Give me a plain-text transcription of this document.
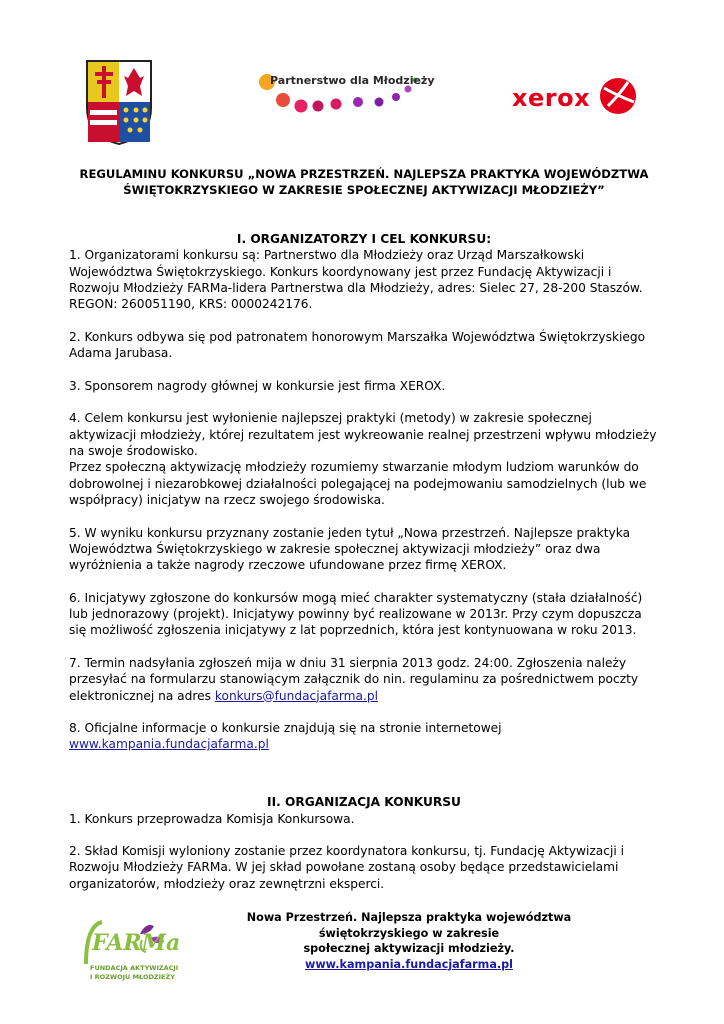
Partnerstwo dla Młodzieży
xerox

REGULAMINU KONKURSU „NOWA PRZESTRZEŃ. NAJLEPSZA PRAKTYKA WOJEWÓDZTWA

ŚWIĘTOKRZYSKIEGO W ZAKRESIE SPOŁECZNEJ AKTYWIZACJI MŁODZIEŻY”

I. ORGANIZATORZY I CEL KONKURSU:

1. Organizatorami konkursu są: Partnerstwo dla Młodzieży oraz Urząd Marszałkowski Województwa Świętokrzyskiego. Konkurs koordynowany jest przez Fundację Aktywizacji i Rozwoju Młodzieży FARMa-lidera Partnerstwa dla Młodzieży, adres: Sielec 27, 28-200 Staszów. REGON: 260051190, KRS: 0000242176.

2. Konkurs odbywa się pod patronatem honorowym Marszałka Województwa Świętokrzyskiego Adama Jarubasa.

3. Sponsorem nagrody głównej w konkursie jest firma XEROX.

4. Celem konkursu jest wyłonienie najlepszej praktyki (metody) w zakresie społecznej aktywizacji młodzieży, której rezultatem jest wykreowanie realnej przestrzeni wpływu młodzieży na swoje środowisko.

Przez społeczną aktywizację młodzieży rozumiemy stwarzanie młodym ludziom warunków do dobrowolnej i niezarobkowej działalności polegającej na podejmowaniu samodzielnych (lub we współpracy) inicjatyw na rzecz swojego środowiska.

5. W wyniku konkursu przyznany zostanie jeden tytuł „Nowa przestrzeń. Najlepsze praktyka Województwa Świętokrzyskiego w zakresie społecznej aktywizacji młodzieży” oraz dwa wyróżnienia a także nagrody rzeczowe ufundowane przez firmę XEROX.

6. Inicjatywy zgłoszone do konkursów mogą mieć charakter systematyczny (stała działalność) lub jednorazowy (projekt). Inicjatywy powinny być realizowane w 2013r. Przy czym dopuszcza się możliwość zgłoszenia inicjatywy z lat poprzednich, która jest kontynuowana w roku 2013.

7. Termin nadsyłania zgłoszeń mija w dniu 31 sierpnia 2013 godz. 24:00. Zgłoszenia należy przesyłać na formularzu stanowiącym załącznik do nin. regulaminu za pośrednictwem poczty elektronicznej na adres konkurs@fundacjafarma.pl

8. Oficjalne informacje o konkursie znajdują się na stronie internetowej www.kampania.fundacjafarma.pl

II. ORGANIZACJA KONKURSU

1. Konkurs przeprowadza Komisja Konkursowa.

2. Skład Komisji wyloniony zostanie przez koordynatora konkursu, tj. Fundację Aktywizacji i Rozwoju Młodzieży FARMa. W jej skład powołane zostaną osoby będące przedstawicielami organizatorów, młodzieży oraz zewnętrzni eksperci.

FARMa
FUNDACJA AKTYWIZACJI
I ROZWOJU MŁODZIEŻY
Nowa Przestrzeń. Najlepsza praktyka województwa świętokrzyskiego w zakresie
społecznej aktywizacji młodzieży.
www.kampania.fundacjafarma.pl
